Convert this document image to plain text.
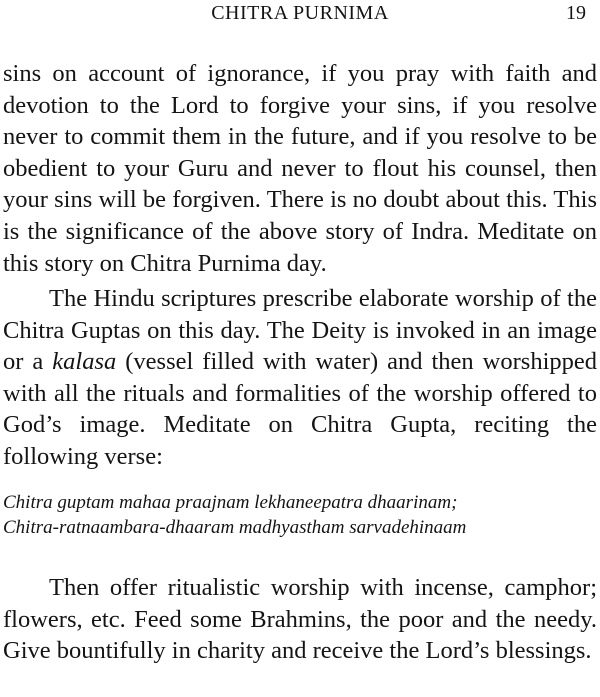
CHITRA PURNIMA	19

sins on account of ignorance, if you pray with faith and devotion to the Lord to forgive your sins, if you resolve never to commit them in the future, and if you resolve to be obedient to your Guru and never to flout his counsel, then your sins will be forgiven. There is no doubt about this. This is the significance of the above story of Indra. Meditate on this story on Chitra Purnima day.

The Hindu scriptures prescribe elaborate worship of the Chitra Guptas on this day. The Deity is invoked in an image or a kalasa (vessel filled with water) and then worshipped with all the rituals and formalities of the worship offered to God’s image. Meditate on Chitra Gupta, reciting the following verse:

Chitra guptam mahaa praajnam lekhaneepatra dhaarinam;
Chitra-ratnaambara-dhaaram madhyastham sarvadehinaam

Then offer ritualistic worship with incense, camphor; flowers, etc. Feed some Brahmins, the poor and the needy. Give bountifully in charity and receive the Lord’s blessings.
